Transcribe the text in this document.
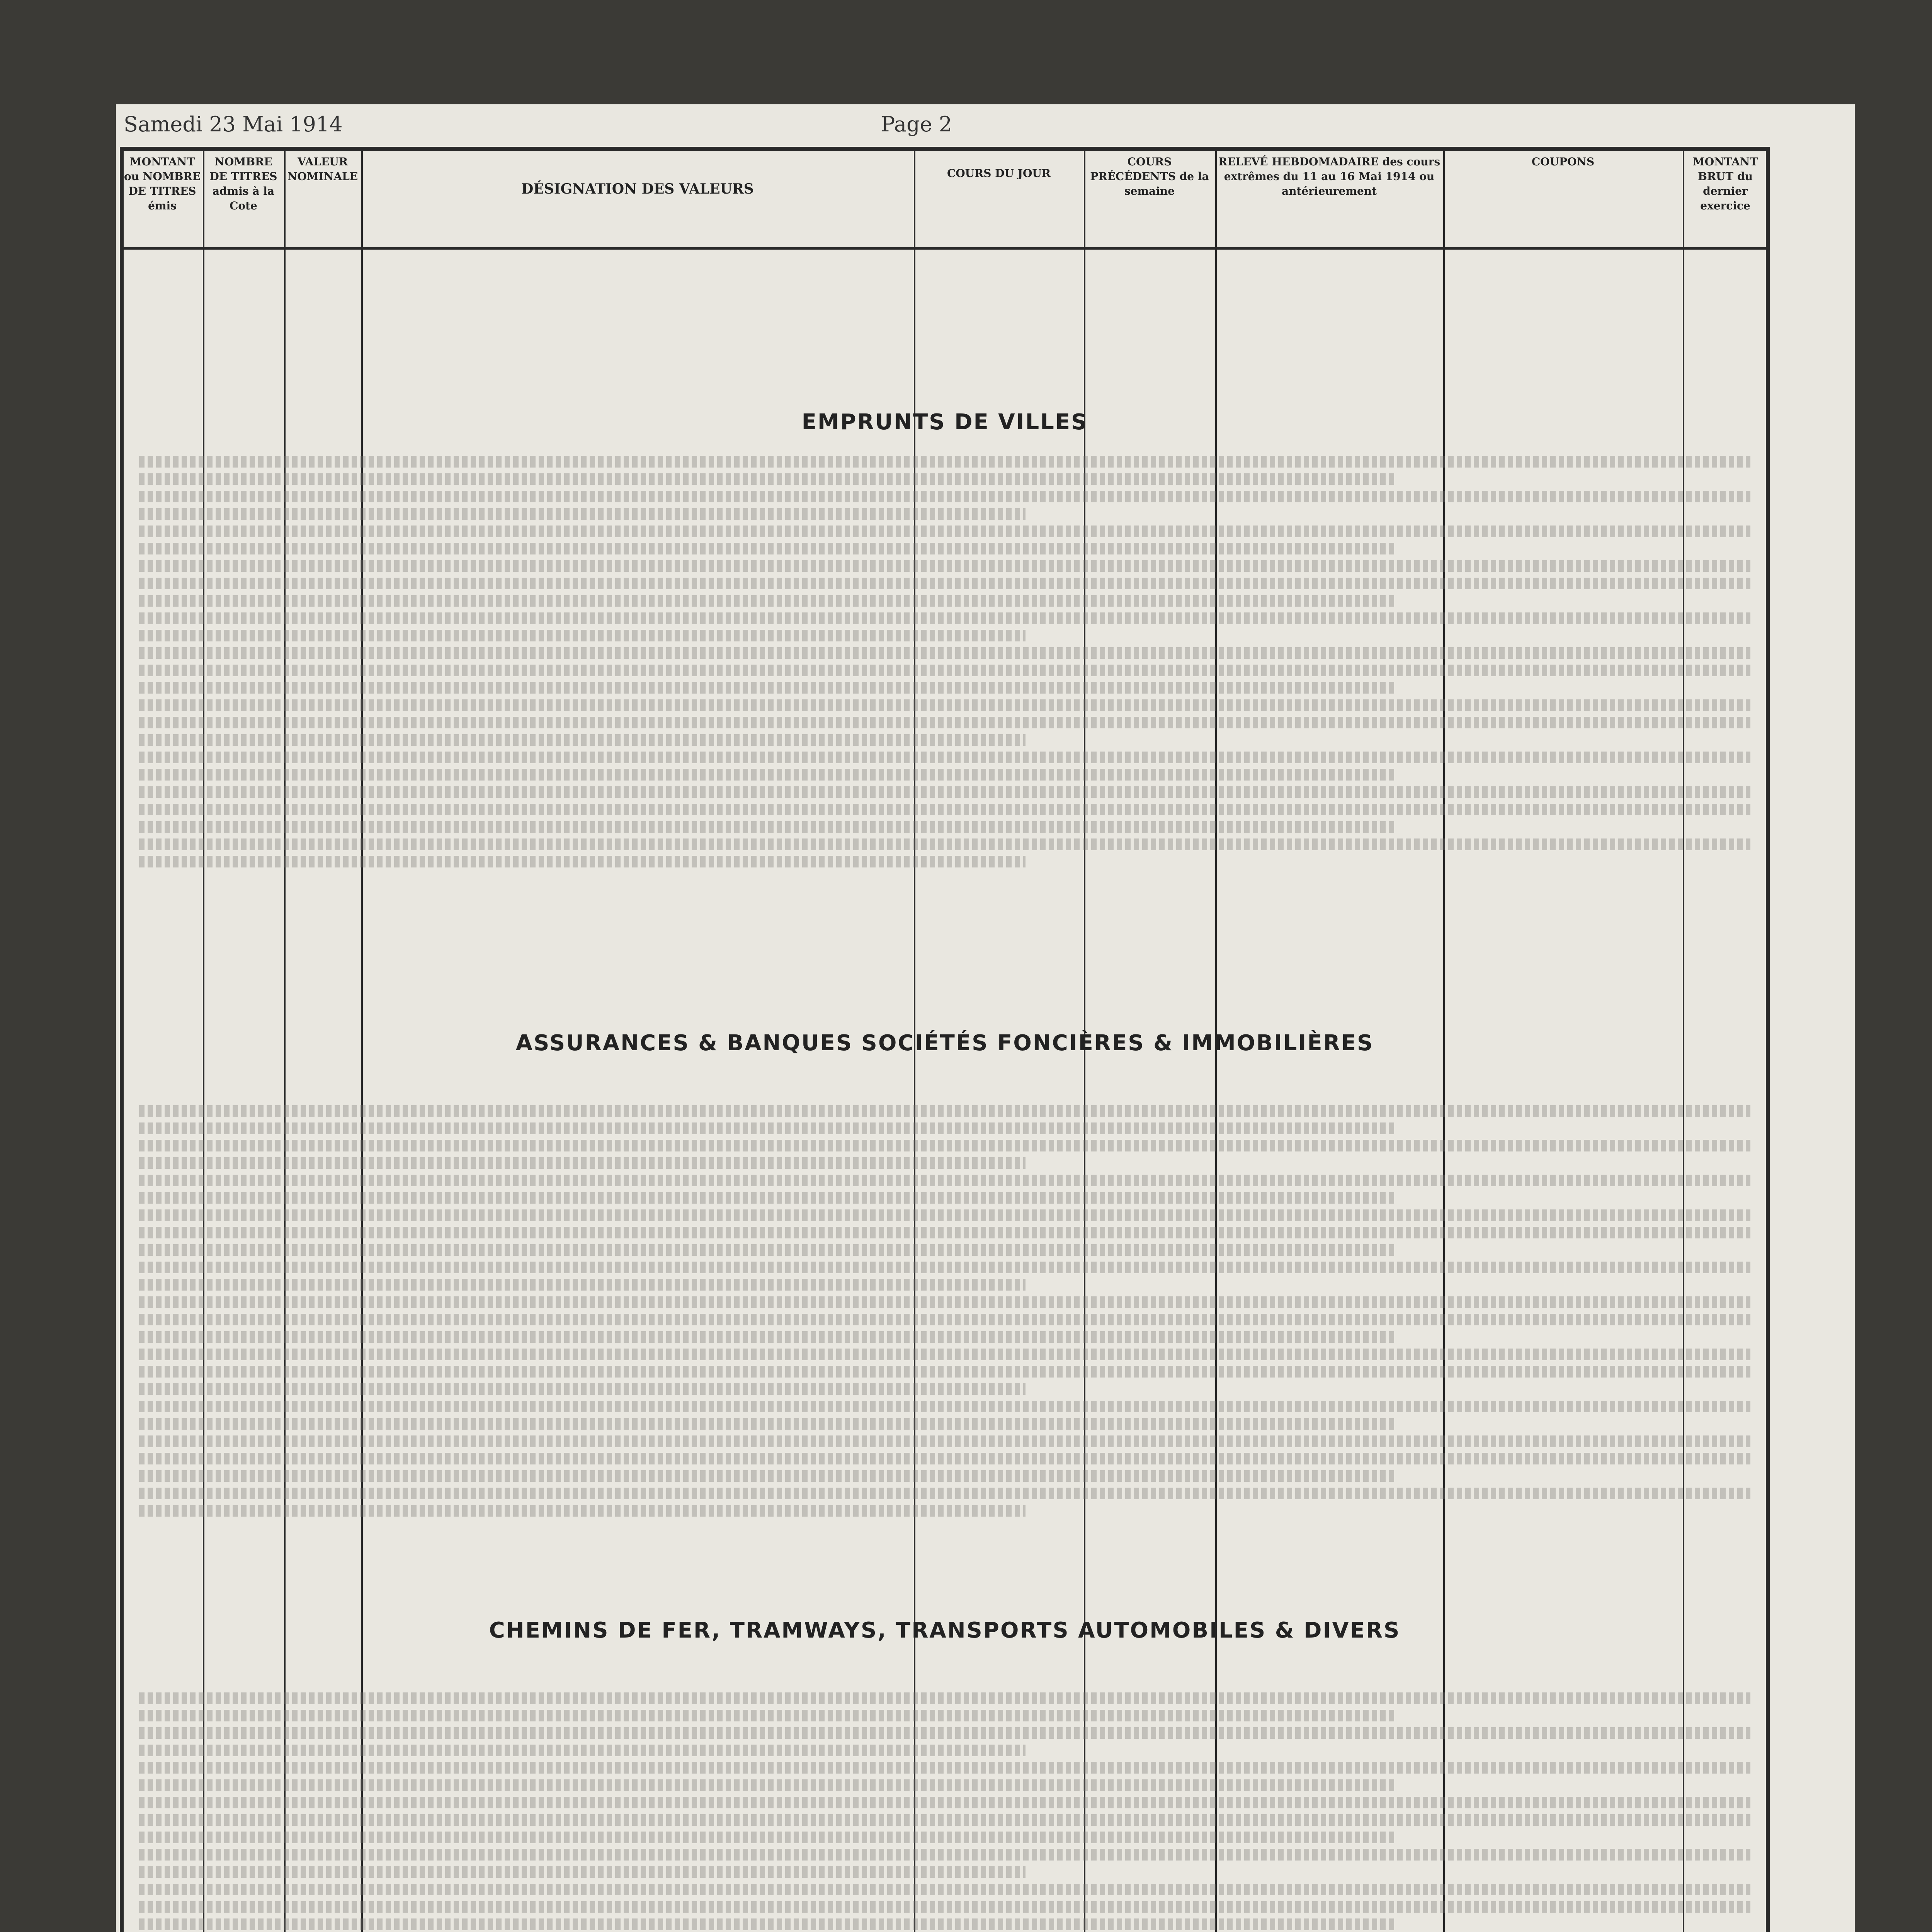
Samedi 23 Mai 1914	Page 2
MONTANT ou NOMBRE DE TITRES émis
NOMBRE DE TITRES admis à la Cote
VALEUR NOMINALE
DÉSIGNATION DES VALEURS
COURS DU JOUR
COURS PRÉCÉDENTS de la semaine
RELEVÉ HEBDOMADAIRE des cours extrêmes du 11 au 16 Mai 1914 ou antérieurement
COUPONS	MONTANT BRUT du dernier exercice
EMPRUNTS DE VILLES
ASSURANCES & BANQUES SOCIÉTÉS FONCIÈRES & IMMOBILIÈRES
CHEMINS DE FER, TRAMWAYS, TRANSPORTS AUTOMOBILES & DIVERS
